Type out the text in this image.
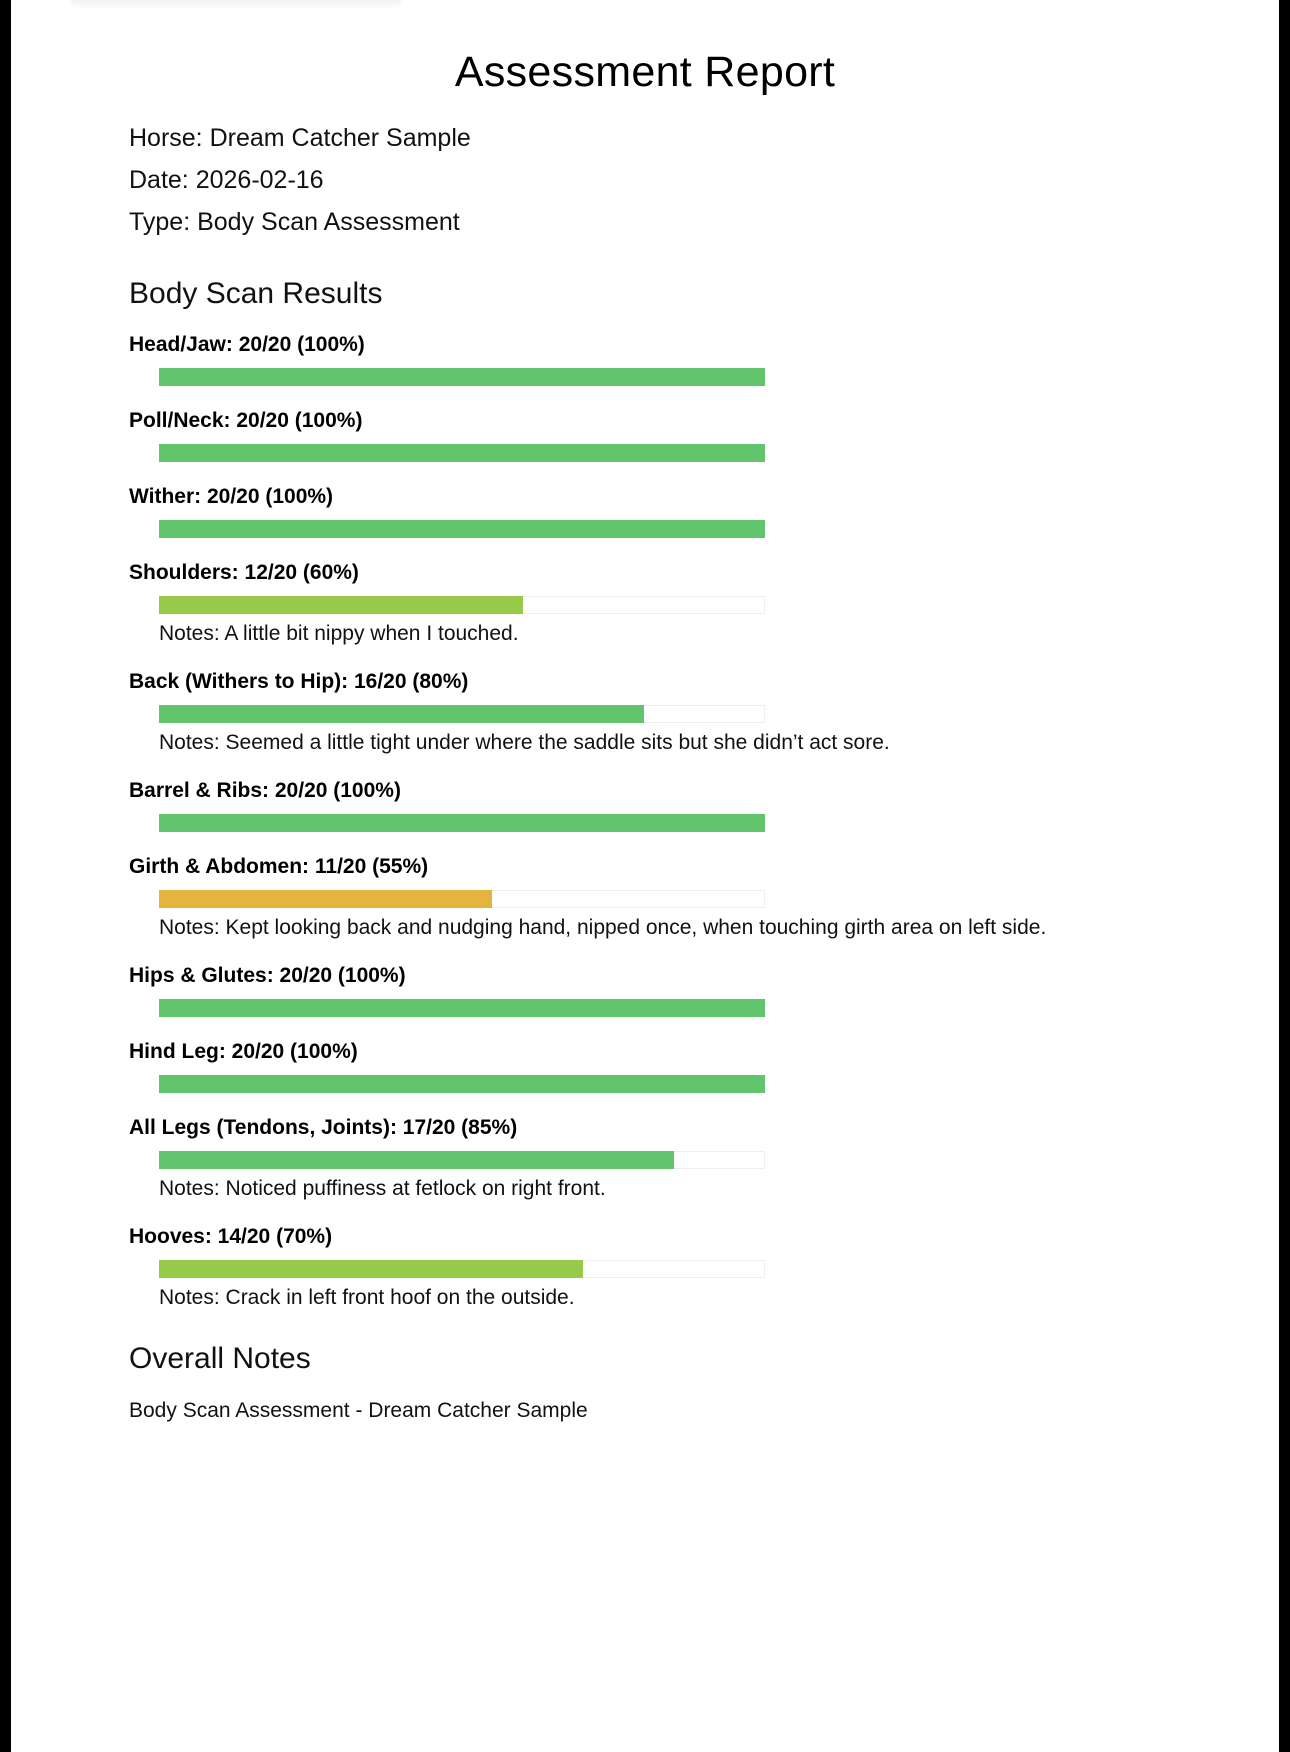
Assessment Report
Horse: Dream Catcher Sample
Date: 2026-02-16
Type: Body Scan Assessment
Body Scan Results
Head/Jaw: 20/20 (100%)
Poll/Neck: 20/20 (100%)
Wither: 20/20 (100%)
Shoulders: 12/20 (60%)
Notes: A little bit nippy when I touched.
Back (Withers to Hip): 16/20 (80%)
Notes: Seemed a little tight under where the saddle sits but she didn’t act sore.
Barrel & Ribs: 20/20 (100%)
Girth & Abdomen: 11/20 (55%)
Notes: Kept looking back and nudging hand, nipped once, when touching girth area on left side.
Hips & Glutes: 20/20 (100%)
Hind Leg: 20/20 (100%)
All Legs (Tendons, Joints): 17/20 (85%)
Notes: Noticed puffiness at fetlock on right front.
Hooves: 14/20 (70%)
Notes: Crack in left front hoof on the outside.
Overall Notes
Body Scan Assessment - Dream Catcher Sample
